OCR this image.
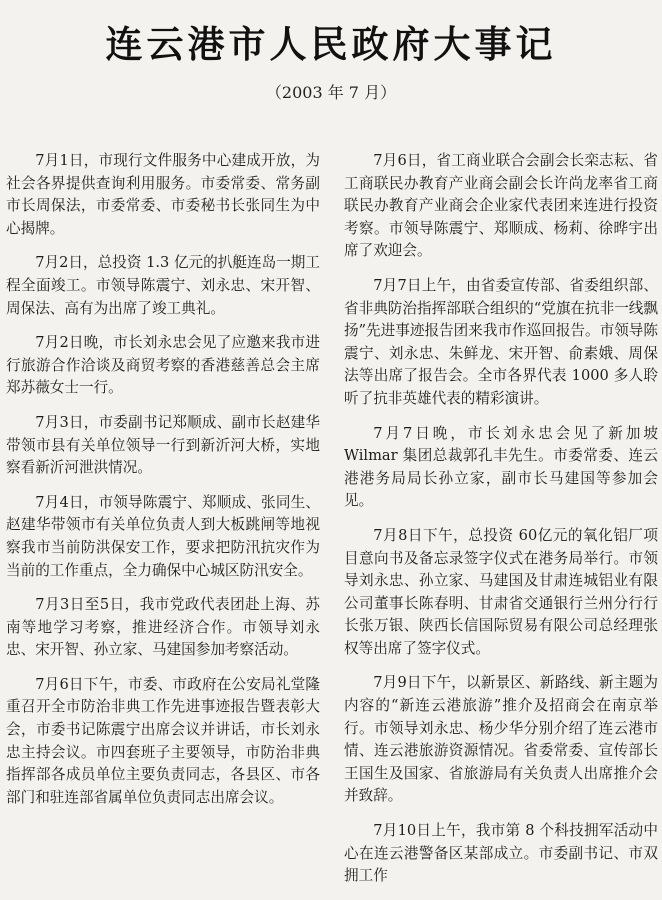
连云港市人民政府大事记
（2003 年 7 月）

7月1日，市现行文件服务中心建成开放，为社会各界提供查询利用服务。市委常委、常务副市长周保法，市委常委、市委秘书长张同生为中心揭牌。

7月2日，总投资 1.3 亿元的扒艇连岛一期工程全面竣工。市领导陈震宁、刘永忠、宋开智、周保法、高有为出席了竣工典礼。

7月2日晚，市长刘永忠会见了应邀来我市进行旅游合作洽谈及商贸考察的香港慈善总会主席郑苏薇女士一行。

7月3日，市委副书记郑顺成、副市长赵建华带领市县有关单位领导一行到新沂河大桥，实地察看新沂河泄洪情况。

7月4日，市领导陈震宁、郑顺成、张同生、赵建华带领市有关单位负责人到大板跳闸等地视察我市当前防洪保安工作，要求把防汛抗灾作为当前的工作重点，全力确保中心城区防汛安全。

7月3日至5日，我市党政代表团赴上海、苏南等地学习考察，推进经济合作。市领导刘永忠、宋开智、孙立家、马建国参加考察活动。

7月6日下午，市委、市政府在公安局礼堂隆重召开全市防治非典工作先进事迹报告暨表彰大会，市委书记陈震宁出席会议并讲话，市长刘永忠主持会议。市四套班子主要领导，市防治非典指挥部各成员单位主要负责同志，各县区、市各部门和驻连部省属单位负责同志出席会议。

7月6日，省工商业联合会副会长栾志耘、省工商联民办教育产业商会副会长许尚龙率省工商联民办教育产业商会企业家代表团来连进行投资考察。市领导陈震宁、郑顺成、杨莉、徐晔宇出席了欢迎会。

7月7日上午，由省委宣传部、省委组织部、省非典防治指挥部联合组织的“党旗在抗非一线飘扬”先进事迹报告团来我市作巡回报告。市领导陈震宁、刘永忠、朱鲜龙、宋开智、俞素娥、周保法等出席了报告会。全市各界代表 1000 多人聆听了抗非英雄代表的精彩演讲。

7月7日晚，市长刘永忠会见了新加坡 Wilmar 集团总裁郭孔丰先生。市委常委、连云港港务局局长孙立家，副市长马建国等参加会见。

7月8日下午，总投资 60亿元的氧化铝厂项目意向书及备忘录签字仪式在港务局举行。市领导刘永忠、孙立家、马建国及甘肃连城铝业有限公司董事长陈春明、甘肃省交通银行兰州分行行长张万银、陕西长信国际贸易有限公司总经理张权等出席了签字仪式。

7月9日下午，以新景区、新路线、新主题为内容的“新连云港旅游”推介及招商会在南京举行。市领导刘永忠、杨少华分别介绍了连云港市情、连云港旅游资源情况。省委常委、宣传部长王国生及国家、省旅游局有关负责人出席推介会并致辞。

7月10日上午，我市第 8 个科技拥军活动中心在连云港警备区某部成立。市委副书记、市双拥工作
